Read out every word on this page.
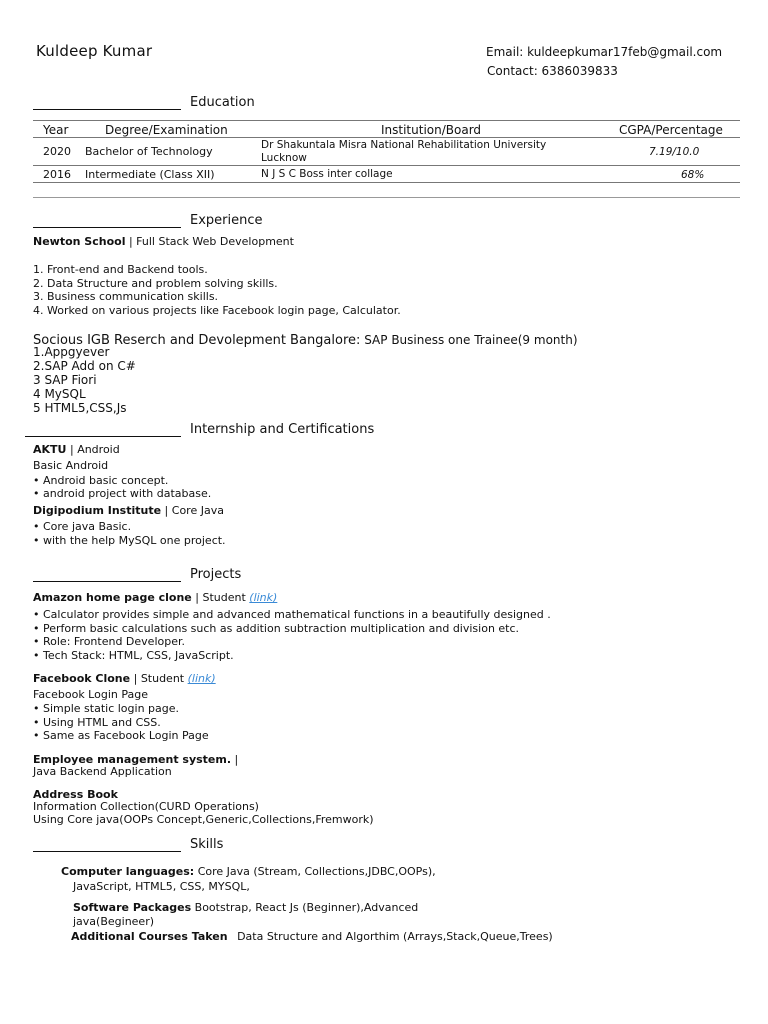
Kuldeep Kumar	Email: kuldeepkumar17feb@gmail.com
Contact: 6386039833
Education
Year	Degree/Examination	Institution/Board	CGPA/Percentage
2020 Bachelor of Technology	Dr Shakuntala Misra National Rehabilitation University
Lucknow	7.19/10.0
2016 Intermediate (Class XII)	N J S C Boss inter collage	68%
Experience
Newton School | Full Stack Web Development
1. Front-end and Backend tools.
2. Data Structure and problem solving skills.
3. Business communication skills.
4. Worked on various projects like Facebook login page, Calculator.
Socious IGB Reserch and Devolepment Bangalore: SAP Business one Trainee(9 month)
1.Appgyever
2.SAP Add on C#
3 SAP Fiori
4 MySQL
5 HTML5,CSS,Js
Internship and Certifications
AKTU | Android
Basic Android
• Android basic concept.
• android project with database.
Digipodium Institute | Core Java
• Core java Basic.
• with the help MySQL one project.
Projects
Amazon home page clone | Student (link)
• Calculator provides simple and advanced mathematical functions in a beautifully designed .
• Perform basic calculations such as addition subtraction multiplication and division etc.
• Role: Frontend Developer.
• Tech Stack: HTML, CSS, JavaScript.
Facebook Clone | Student (link)
Facebook Login Page
• Simple static login page.
• Using HTML and CSS.
• Same as Facebook Login Page
Employee management system. |
Java Backend Application
Address Book
Information Collection(CURD Operations)
Using Core java(OOPs Concept,Generic,Collections,Fremwork)
Skills
Computer languages: Core Java (Stream, Collections,JDBC,OOPs),
JavaScript, HTML5, CSS, MYSQL,
Software Packages Bootstrap, React Js (Beginner),Advanced
java(Begineer)
Additional Courses Taken Data Structure and Algorthim (Arrays,Stack,Queue,Trees)
